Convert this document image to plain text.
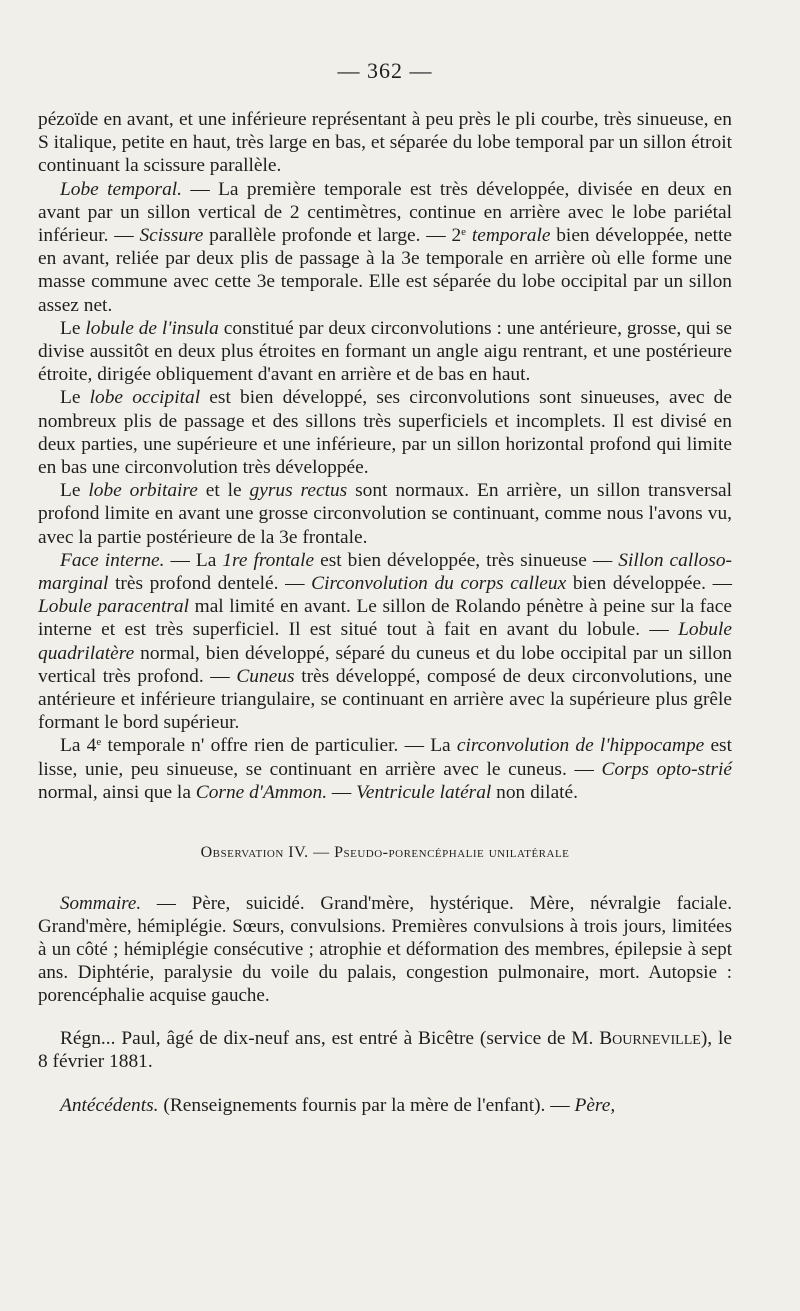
— 362 —

pézoïde en avant, et une inférieure représentant à peu près le pli courbe, très sinueuse, en S italique, petite en haut, très large en bas, et séparée du lobe temporal par un sillon étroit continuant la scissure parallèle.

Lobe temporal. — La première temporale est très développée, divisée en deux en avant par un sillon vertical de 2 centimètres, continue en arrière avec le lobe pariétal inférieur. — Scissure parallèle profonde et large. — 2e temporale bien développée, nette en avant, reliée par deux plis de passage à la 3e temporale en arrière où elle forme une masse commune avec cette 3e temporale. Elle est séparée du lobe occipital par un sillon assez net.

Le lobule de l'insula constitué par deux circonvolutions : une antérieure, grosse, qui se divise aussitôt en deux plus étroites en formant un angle aigu rentrant, et une postérieure étroite, dirigée obliquement d'avant en arrière et de bas en haut.

Le lobe occipital est bien développé, ses circonvolutions sont sinueuses, avec de nombreux plis de passage et des sillons très superficiels et incomplets. Il est divisé en deux parties, une supérieure et une inférieure, par un sillon horizontal profond qui limite en bas une circonvolution très développée.

Le lobe orbitaire et le gyrus rectus sont normaux. En arrière, un sillon transversal profond limite en avant une grosse circonvolution se continuant, comme nous l'avons vu, avec la partie postérieure de la 3e frontale.

Face interne. — La 1re frontale est bien développée, très sinueuse — Sillon calloso-marginal très profond dentelé. — Circonvolution du corps calleux bien développée. — Lobule paracentral mal limité en avant. Le sillon de Rolando pénètre à peine sur la face interne et est très superficiel. Il est situé tout à fait en avant du lobule. — Lobule quadrilatère normal, bien développé, séparé du cuneus et du lobe occipital par un sillon vertical très profond. — Cuneus très développé, composé de deux circonvolutions, une antérieure et inférieure triangulaire, se continuant en arrière avec la supérieure plus grêle formant le bord supérieur.

La 4e temporale n' offre rien de particulier. — La circonvolution de l'hippocampe est lisse, unie, peu sinueuse, se continuant en arrière avec le cuneus. — Corps opto-strié normal, ainsi que la Corne d'Ammon. — Ventricule latéral non dilaté.

Observation IV. — Pseudo-porencéphalie unilatérale

Sommaire. — Père, suicidé. Grand'mère, hystérique. Mère, névralgie faciale. Grand'mère, hémiplégie. Sœurs, convulsions. Premières convulsions à trois jours, limitées à un côté ; hémiplégie consécutive ; atrophie et déformation des membres, épilepsie à sept ans. Diphtérie, paralysie du voile du palais, congestion pulmonaire, mort. Autopsie : porencéphalie acquise gauche.

Régn... Paul, âgé de dix-neuf ans, est entré à Bicêtre (service de M. Bourneville), le 8 février 1881.

Antécédents. (Renseignements fournis par la mère de l'enfant). — Père,
